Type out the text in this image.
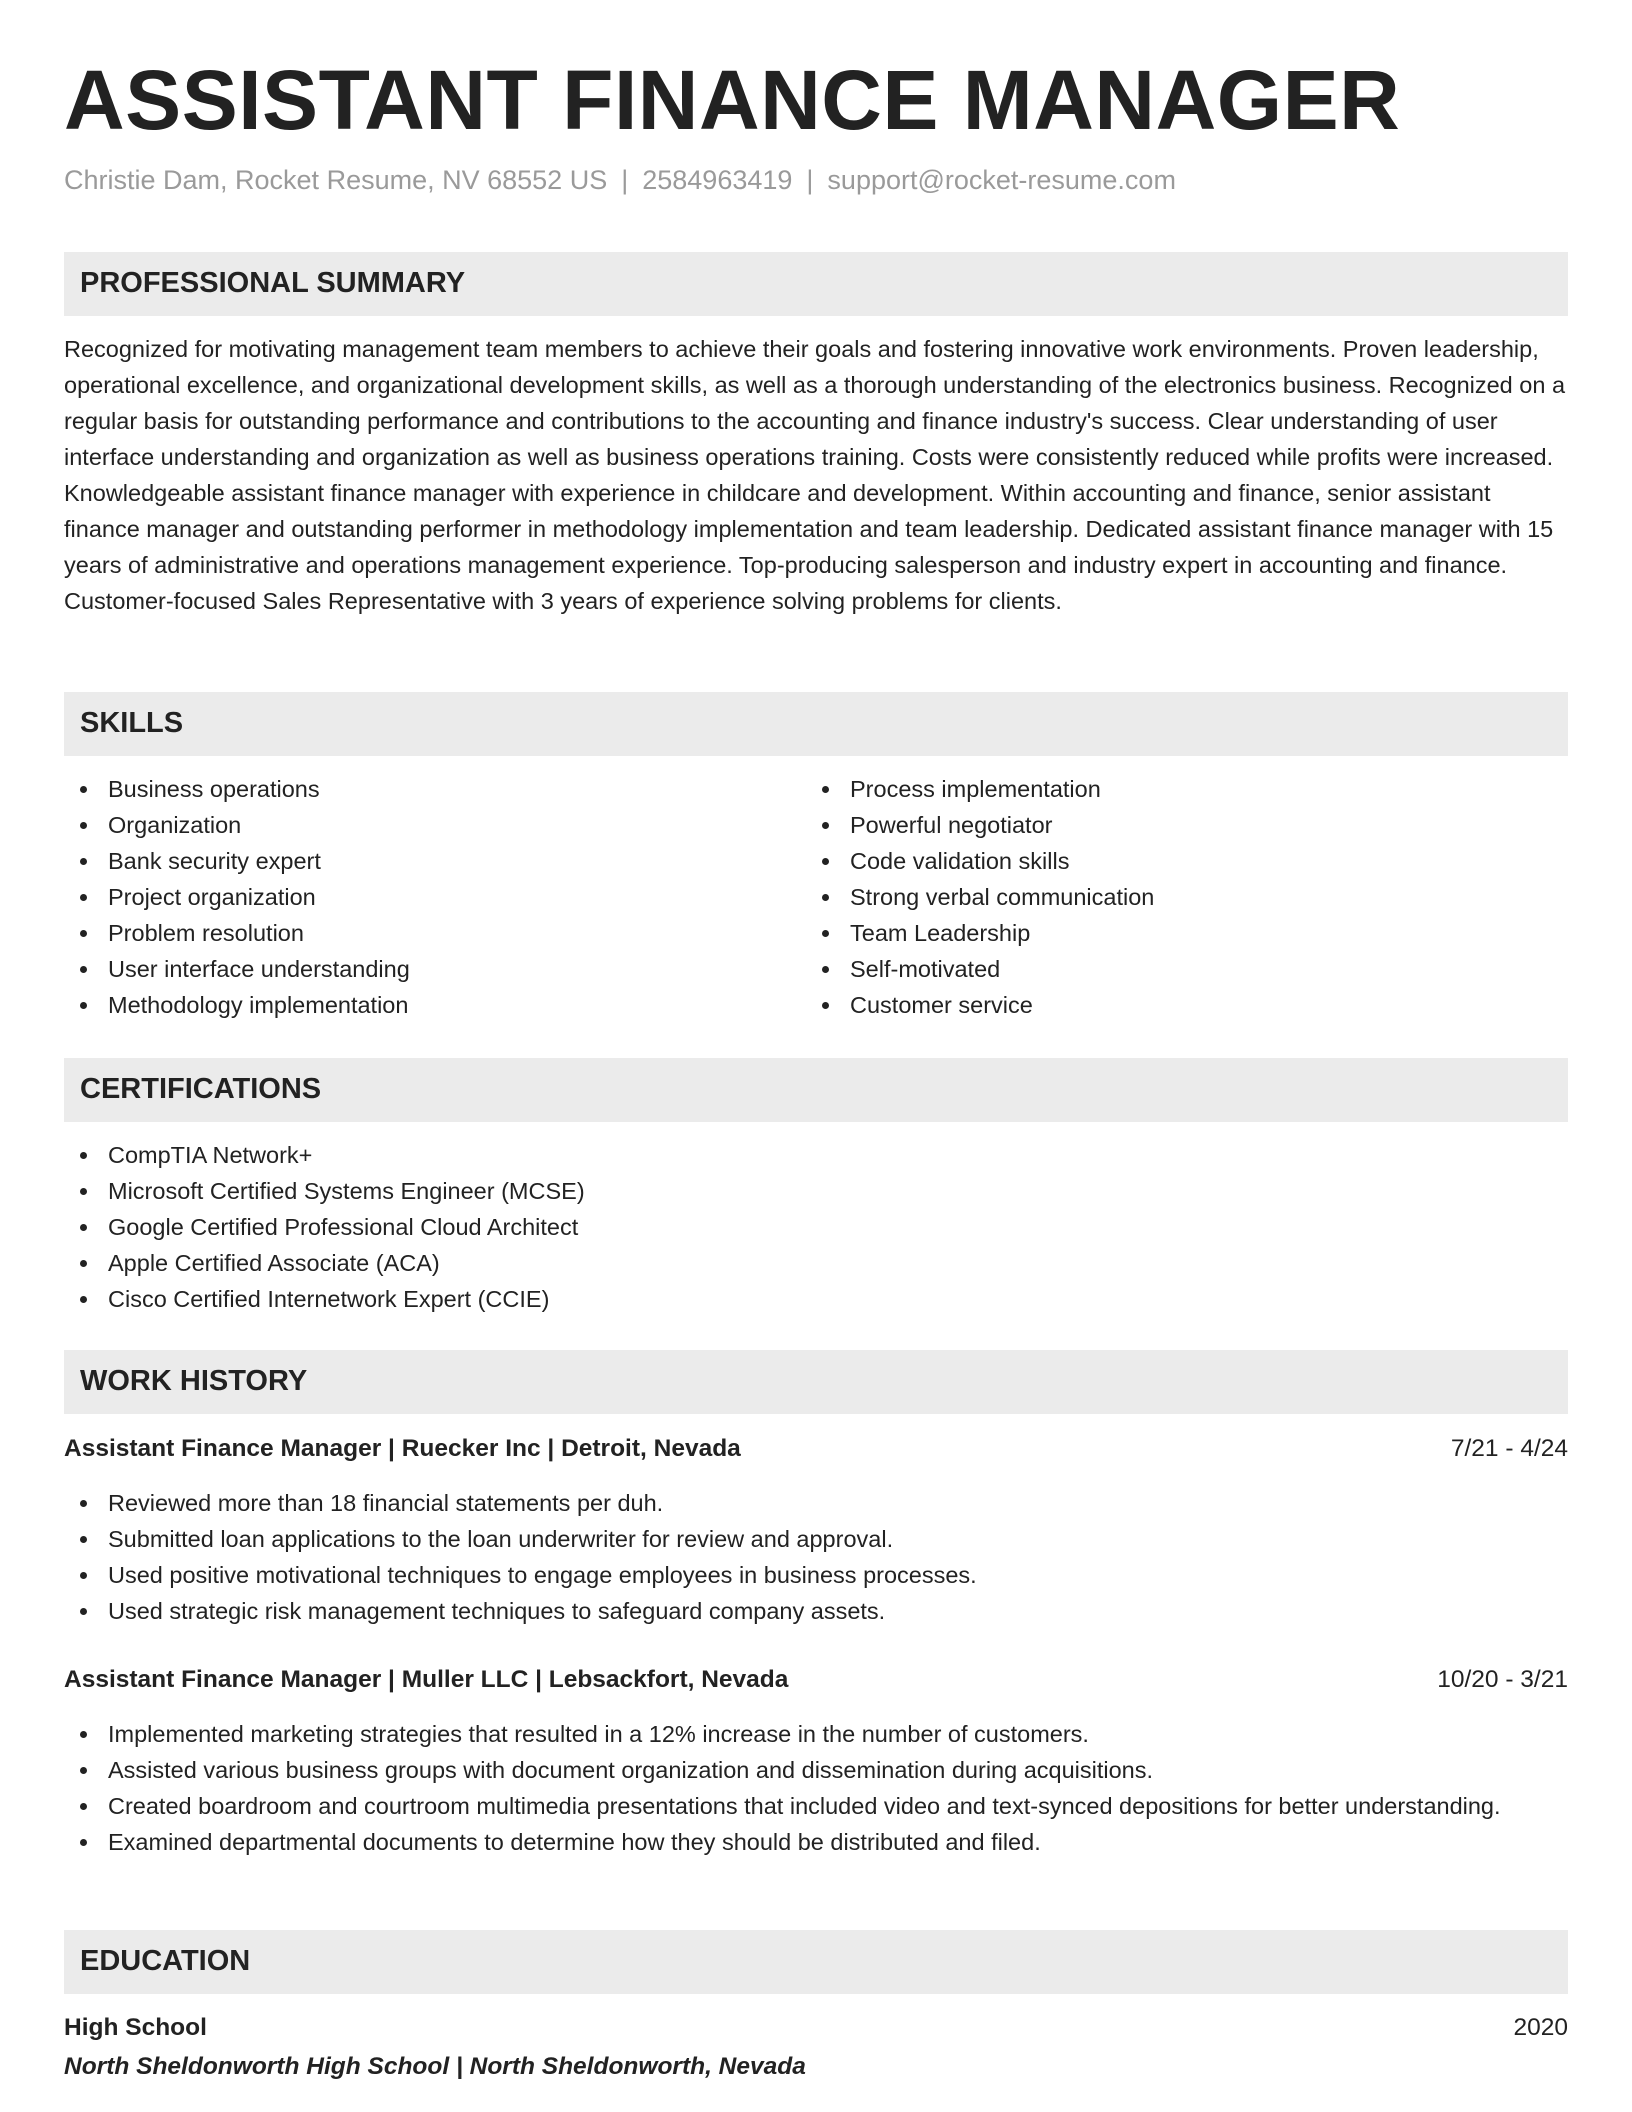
ASSISTANT FINANCE MANAGER
Christie Dam, Rocket Resume, NV 68552 US | 2584963419 | support@rocket-resume.com
PROFESSIONAL SUMMARY
Recognized for motivating management team members to achieve their goals and fostering innovative work environments. Proven leadership, operational excellence, and organizational development skills, as well as a thorough understanding of the electronics business. Recognized on a regular basis for outstanding performance and contributions to the accounting and finance industry's success. Clear understanding of user interface understanding and organization as well as business operations training. Costs were consistently reduced while profits were increased. Knowledgeable assistant finance manager with experience in childcare and development. Within accounting and finance, senior assistant finance manager and outstanding performer in methodology implementation and team leadership. Dedicated assistant finance manager with 15 years of administrative and operations management experience. Top-producing salesperson and industry expert in accounting and finance. Customer-focused Sales Representative with 3 years of experience solving problems for clients.
SKILLS
Business operations
Organization
Bank security expert
Project organization
Problem resolution
User interface understanding
Methodology implementation
Process implementation
Powerful negotiator
Code validation skills
Strong verbal communication
Team Leadership
Self-motivated
Customer service
CERTIFICATIONS
CompTIA Network+
Microsoft Certified Systems Engineer (MCSE)
Google Certified Professional Cloud Architect
Apple Certified Associate (ACA)
Cisco Certified Internetwork Expert (CCIE)
WORK HISTORY
Assistant Finance Manager | Ruecker Inc | Detroit, Nevada	7/21 - 4/24
Reviewed more than 18 financial statements per duh.
Submitted loan applications to the loan underwriter for review and approval.
Used positive motivational techniques to engage employees in business processes.
Used strategic risk management techniques to safeguard company assets.
Assistant Finance Manager | Muller LLC | Lebsackfort, Nevada	10/20 - 3/21
Implemented marketing strategies that resulted in a 12% increase in the number of customers.
Assisted various business groups with document organization and dissemination during acquisitions.
Created boardroom and courtroom multimedia presentations that included video and text-synced depositions for better understanding.
Examined departmental documents to determine how they should be distributed and filed.
EDUCATION
High School	2020
North Sheldonworth High School | North Sheldonworth, Nevada
